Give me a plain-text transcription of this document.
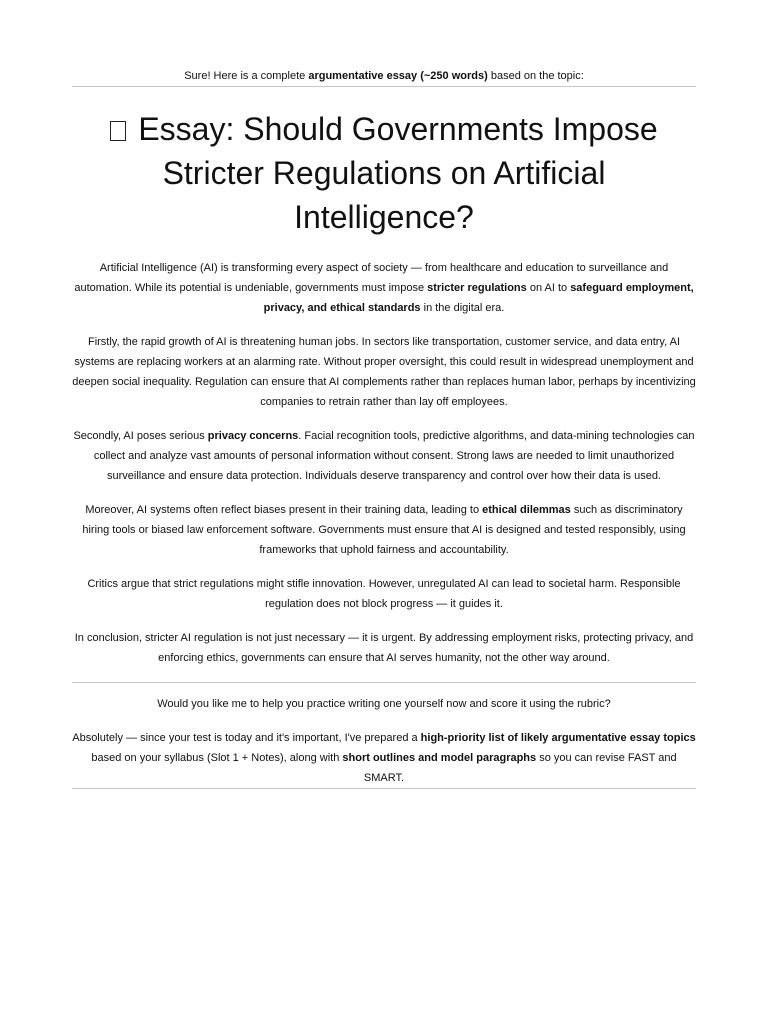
Sure! Here is a complete argumentative essay (~250 words) based on the topic:

Essay: Should Governments Impose Stricter Regulations on Artificial Intelligence?

Artificial Intelligence (AI) is transforming every aspect of society — from healthcare and education to surveillance and automation. While its potential is undeniable, governments must impose stricter regulations on AI to safeguard employment, privacy, and ethical standards in the digital era.

Firstly, the rapid growth of AI is threatening human jobs. In sectors like transportation, customer service, and data entry, AI systems are replacing workers at an alarming rate. Without proper oversight, this could result in widespread unemployment and deepen social inequality. Regulation can ensure that AI complements rather than replaces human labor, perhaps by incentivizing companies to retrain rather than lay off employees.

Secondly, AI poses serious privacy concerns. Facial recognition tools, predictive algorithms, and data-mining technologies can collect and analyze vast amounts of personal information without consent. Strong laws are needed to limit unauthorized surveillance and ensure data protection. Individuals deserve transparency and control over how their data is used.

Moreover, AI systems often reflect biases present in their training data, leading to ethical dilemmas such as discriminatory hiring tools or biased law enforcement software. Governments must ensure that AI is designed and tested responsibly, using frameworks that uphold fairness and accountability.

Critics argue that strict regulations might stifle innovation. However, unregulated AI can lead to societal harm. Responsible regulation does not block progress — it guides it.

In conclusion, stricter AI regulation is not just necessary — it is urgent. By addressing employment risks, protecting privacy, and enforcing ethics, governments can ensure that AI serves humanity, not the other way around.

Would you like me to help you practice writing one yourself now and score it using the rubric?

Absolutely — since your test is today and it's important, I've prepared a high-priority list of likely argumentative essay topics based on your syllabus (Slot 1 + Notes), along with short outlines and model paragraphs so you can revise FAST and SMART.
